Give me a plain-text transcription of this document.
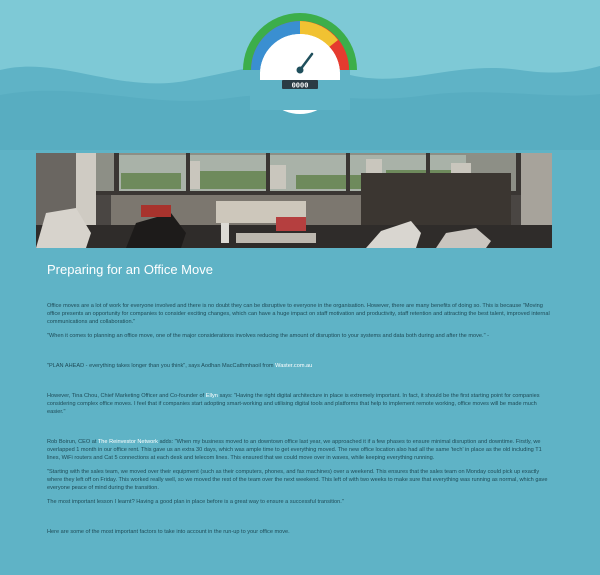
0000
Preparing for an Office Move

Office moves are a lot of work for everyone involved and there is no doubt they can be disruptive to everyone in the organisation. However, there are many benefits of doing so. This is because "Moving office presents an opportunity for companies to consider exciting changes, which can have a huge impact on staff motivation and productivity, staff retention and attracting the best talent, improved internal communications and collaboration."

"When it comes to planning an office move, one of the major considerations involves reducing the amount of disruption to your systems and data both during and after the move." -

"PLAN AHEAD - everything takes longer than you think", says Aodhan MacCathmhaoil from Waster.com.au

However, Tina Chou, Chief Marketing Officer and Co-founder of Ellyn says: "Having the right digital architecture in place is extremely important. In fact, it should be the first starting point for companies considering complex office moves. I feel that if companies start adopting smart-working and utilising digital tools and platforms that help to implement remote working, office moves will be made much easier."

Rob Boirun, CEO at The Reinvestor Network adds: "When my business moved to an downtown office last year, we approached it if a few phases to ensure minimal disruption and downtime. Firstly, we overlapped 1 month in our office rent. This gave us an extra 30 days, which was ample time to get everything moved. The new office location also had all the same 'tech' in place as the old including T1 lines, WiFi routers and Cat 5 connections at each desk and telecom lines. This ensured that we could move over in waves, while keeping everything running.

"Starting with the sales team, we moved over their equipment (such as their computers, phones, and fax machines) over a weekend. This ensures that the sales team on Monday could pick up exactly where they left off on Friday. This worked really well, so we moved the rest of the team over the next weekend. This left of with two weeks to make sure that everything was running as normal, which gave everyone peace of mind during the transition.

The most important lesson I learnt? Having a good plan in place before is a great way to ensure a successful transition."

Here are some of the most important factors to take into account in the run-up to your office move.
